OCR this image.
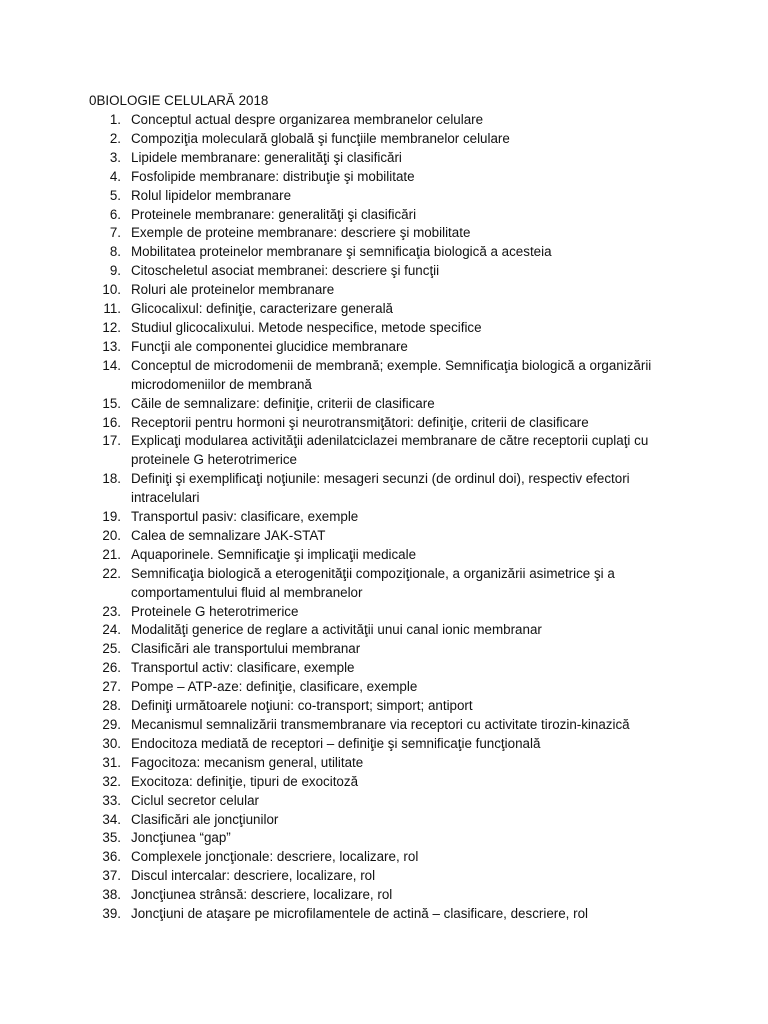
0BIOLOGIE CELULARĂ 2018
1. Conceptul actual despre organizarea membranelor celulare
2. Compoziţia moleculară globală şi funcţiile membranelor celulare
3. Lipidele membranare: generalităţi şi clasificări
4. Fosfolipide membranare: distribuţie şi mobilitate
5. Rolul lipidelor membranare
6. Proteinele membranare: generalităţi şi clasificări
7. Exemple de proteine membranare: descriere şi mobilitate
8. Mobilitatea proteinelor membranare şi semnificaţia biologică a acesteia
9. Citoscheletul asociat membranei: descriere şi funcţii
10. Roluri ale proteinelor membranare
11. Glicocalixul: definiţie, caracterizare generală
12. Studiul glicocalixului. Metode nespecifice, metode specifice
13. Funcţii ale componentei glucidice membranare
14. Conceptul de microdomenii de membrană; exemple. Semnificaţia biologică a organizării microdomeniilor de membrană
15. Căile de semnalizare: definiţie, criterii de clasificare
16. Receptorii pentru hormoni şi neurotransmiţători: definiţie, criterii de clasificare
17. Explicaţi modularea activităţii adenilatciclazei membranare de către receptorii cuplaţi cu proteinele G heterotrimerice
18. Definiţi şi exemplificaţi noţiunile: mesageri secunzi (de ordinul doi), respectiv efectori intracelulari
19. Transportul pasiv: clasificare, exemple
20. Calea de semnalizare JAK-STAT
21. Aquaporinele. Semnificaţie şi implicaţii medicale
22. Semnificaţia biologică a eterogenităţii compoziţionale, a organizării asimetrice şi a comportamentului fluid al membranelor
23. Proteinele G heterotrimerice
24. Modalităţi generice de reglare a activităţii unui canal ionic membranar
25. Clasificări ale transportului membranar
26. Transportul activ: clasificare, exemple
27. Pompe – ATP-aze: definiţie, clasificare, exemple
28. Definiţi următoarele noţiuni: co-transport; simport; antiport
29. Mecanismul semnalizării transmembranare via receptori cu activitate tirozin-kinazică
30. Endocitoza mediată de receptori – definiţie şi semnificaţie funcţională
31. Fagocitoza: mecanism general, utilitate
32. Exocitoza: definiţie, tipuri de exocitoză
33. Ciclul secretor celular
34. Clasificări ale joncţiunilor
35. Joncţiunea “gap”
36. Complexele joncţionale: descriere, localizare, rol
37. Discul intercalar: descriere, localizare, rol
38. Joncţiunea strânsă: descriere, localizare, rol
39. Joncţiuni de ataşare pe microfilamentele de actină – clasificare, descriere, rol
